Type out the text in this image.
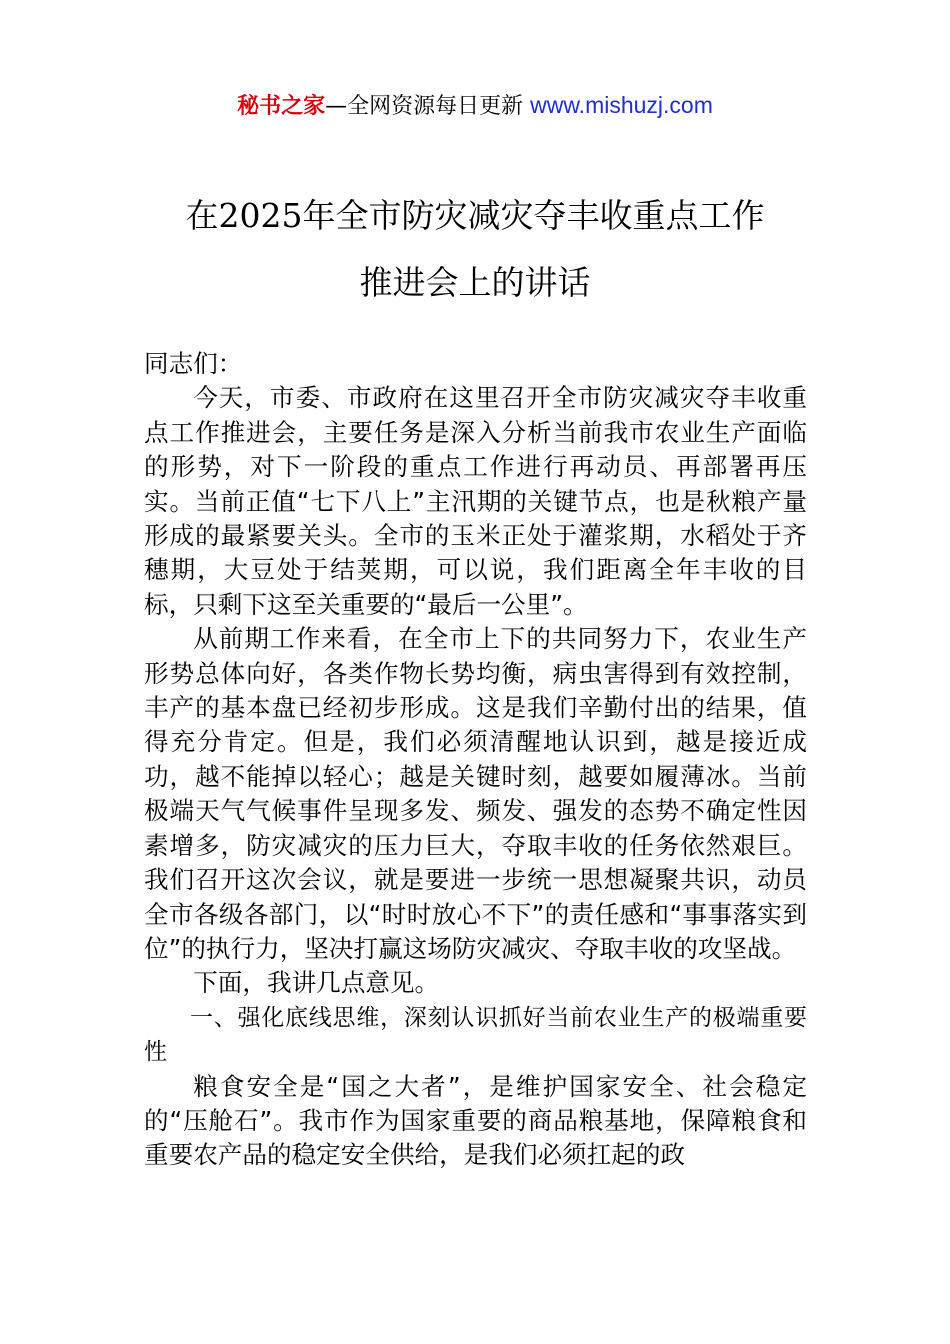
秘书之家—全网资源每日更新 www.mishuzj.com
在2025年全市防灾减灾夺丰收重点工作
推进会上的讲话

同志们：

今天，市委、市政府在这里召开全市防灾减灾夺丰收重点工作推进会，主要任务是深入分析当前我市农业生产面临的形势，对下一阶段的重点工作进行再动员、再部署再压实。当前正值“七下八上”主汛期的关键节点，也是秋粮产量形成的最紧要关头。全市的玉米正处于灌浆期，水稻处于齐穗期，大豆处于结荚期，可以说，我们距离全年丰收的目标，只剩下这至关重要的“最后一公里”。

从前期工作来看，在全市上下的共同努力下，农业生产形势总体向好，各类作物长势均衡，病虫害得到有效控制，丰产的基本盘已经初步形成。这是我们辛勤付出的结果，值得充分肯定。但是，我们必须清醒地认识到，越是接近成功，越不能掉以轻心；越是关键时刻，越要如履薄冰。当前极端天气气候事件呈现多发、频发、强发的态势不确定性因素增多，防灾减灾的压力巨大，夺取丰收的任务依然艰巨。我们召开这次会议，就是要进一步统一思想凝聚共识，动员全市各级各部门，以“时时放心不下”的责任感和“事事落实到位”的执行力，坚决打赢这场防灾减灾、夺取丰收的攻坚战。

下面，我讲几点意见。

一、强化底线思维，深刻认识抓好当前农业生产的极端重要性

粮食安全是“国之大者”，是维护国家安全、社会稳定的“压舱石”。我市作为国家重要的商品粮基地，保障粮食和重要农产品的稳定安全供给，是我们必须扛起的政
